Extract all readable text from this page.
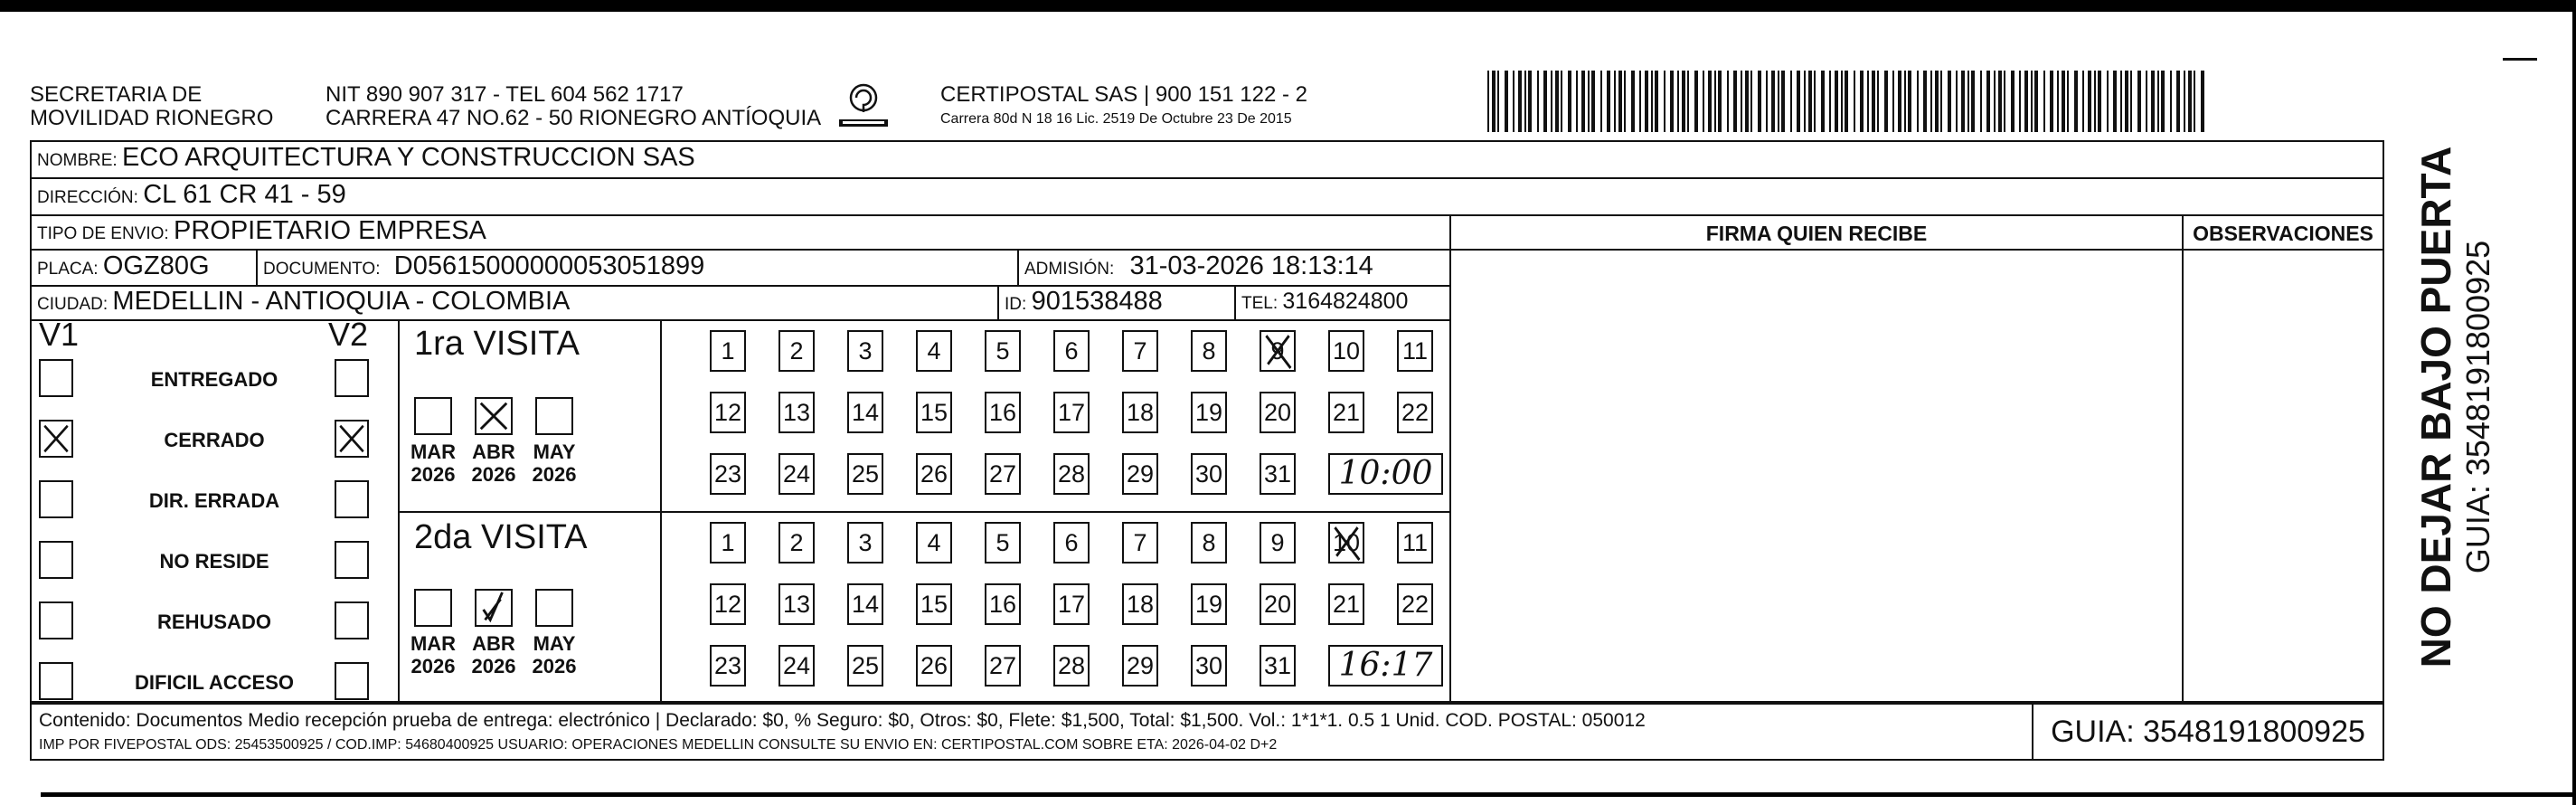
SECRETARIA DE
MOVILIDAD RIONEGRO
NIT 890 907 317 - TEL 604 562 1717
CARRERA 47 NO.62 - 50 RIONEGRO ANTÍOQUIA
CERTIPOSTAL SAS | 900 151 122 - 2
Carrera 80d N 18 16 Lic. 2519 De Octubre 23 De 2015
NOMBRE: ECO ARQUITECTURA Y CONSTRUCCION SAS
DIRECCIÓN: CL 61 CR 41 - 59
TIPO DE ENVIO: PROPIETARIO EMPRESA	FIRMA QUIEN RECIBE	OBSERVACIONES
PLACA: OGZ80G	DOCUMENTO: D05615000000053051899	ADMISIÓN: 31-03-2026 18:13:14
CIUDAD: MEDELLIN - ANTIOQUIA - COLOMBIA	ID: 901538488	TEL: 3164824800
V1	V2
ENTREGADO
CERRADO
DIR. ERRADA
NO RESIDE
REHUSADO
DIFICIL ACCESO
1ra VISITA
MAR
2026
ABR
2026
MAY
2026
1	2	3	4	5	6	7	8	9	10 11
12 13 14 15 16 17 18 19 20 21 22
23 24 25 26 27 28 29 30 31	10:00
2da VISITA
MAR
2026
ABR
2026
MAY
2026
1	2	3	4	5	6	7	8	9	10 11
12 13 14 15 16 17 18 19 20 21 22
23 24 25 26 27 28 29 30 31	16:17
Contenido: Documentos Medio recepción prueba de entrega: electrónico | Declarado: $0, % Seguro: $0, Otros: $0, Flete: $1,500, Total: $1,500. Vol.: 1*1*1. 0.5 1 Unid. COD. POSTAL: 050012
IMP POR FIVEPOSTAL ODS: 25453500925 / COD.IMP: 54680400925 USUARIO: OPERACIONES MEDELLIN CONSULTE SU ENVIO EN: CERTIPOSTAL.COM SOBRE ETA: 2026-04-02 D+2	GUIA: 3548191800925
NO DEJAR BAJO PUERTA GUIA: 3548191800925
